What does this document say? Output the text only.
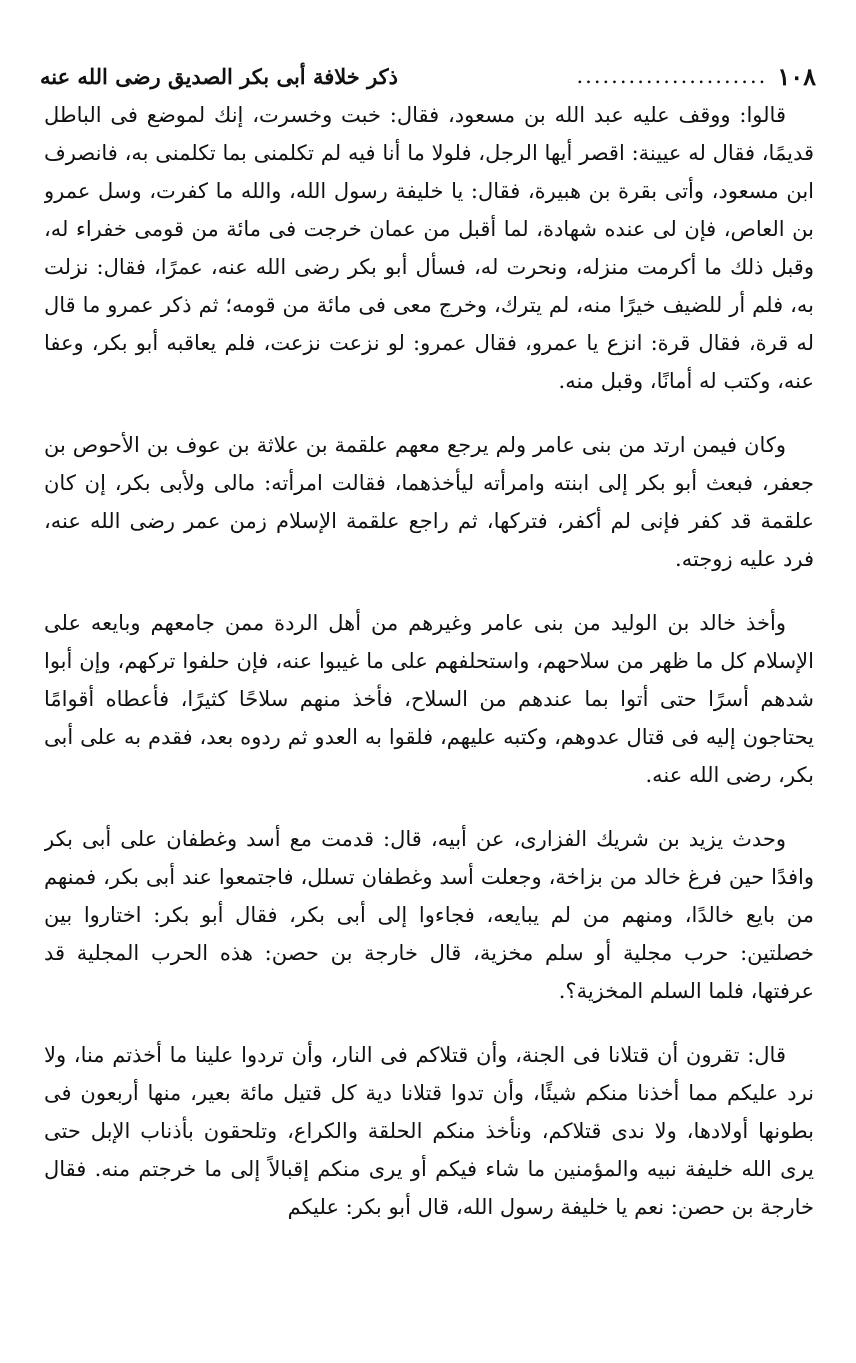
١٠٨
......................
ذكر خلافة أبى بكر الصديق رضى الله عنه

قالوا: ووقف عليه عبد الله بن مسعود، فقال: خبت وخسرت، إنك لموضع فى الباطل قديمًا، فقال له عيينة: اقصر أيها الرجل، فلولا ما أنا فيه لم تكلمنى بما تكلمنى به، فانصرف ابن مسعود، وأتى بقرة بن هبيرة، فقال: يا خليفة رسول الله، والله ما كفرت، وسل عمرو بن العاص، فإن لى عنده شهادة، لما أقبل من عمان خرجت فى مائة من قومى خفراء له، وقبل ذلك ما أكرمت منزله، ونحرت له، فسأل أبو بكر رضى الله عنه، عمرًا، فقال: نزلت به، فلم أر للضيف خيرًا منه، لم يترك، وخرج معى فى مائة من قومه؛ ثم ذكر عمرو ما قال له قرة، فقال قرة: انزع يا عمرو، فقال عمرو: لو نزعت نزعت، فلم يعاقبه أبو بكر، وعفا عنه، وكتب له أمانًا، وقبل منه.

وكان فيمن ارتد من بنى عامر ولم يرجع معهم علقمة بن علاثة بن عوف بن الأحوص بن جعفر، فبعث أبو بكر إلى ابنته وامرأته ليأخذهما، فقالت امرأته: مالى ولأبى بكر، إن كان علقمة قد كفر فإنى لم أكفر، فتركها، ثم راجع علقمة الإسلام زمن عمر رضى الله عنه، فرد عليه زوجته.

وأخذ خالد بن الوليد من بنى عامر وغيرهم من أهل الردة ممن جامعهم وبايعه على الإسلام كل ما ظهر من سلاحهم، واستحلفهم على ما غيبوا عنه، فإن حلفوا تركهم، وإن أبوا شدهم أسرًا حتى أتوا بما عندهم من السلاح، فأخذ منهم سلاحًا كثيرًا، فأعطاه أقوامًا يحتاجون إليه فى قتال عدوهم، وكتبه عليهم، فلقوا به العدو ثم ردوه بعد، فقدم به على أبى بكر، رضى الله عنه.

وحدث يزيد بن شريك الفزارى، عن أبيه، قال: قدمت مع أسد وغطفان على أبى بكر وافدًا حين فرغ خالد من بزاخة، وجعلت أسد وغطفان تسلل، فاجتمعوا عند أبى بكر، فمنهم من بايع خالدًا، ومنهم من لم يبايعه، فجاءوا إلى أبى بكر، فقال أبو بكر: اختاروا بين خصلتين: حرب مجلية أو سلم مخزية، قال خارجة بن حصن: هذه الحرب المجلية قد عرفتها، فلما السلم المخزية؟.

قال: تقرون أن قتلانا فى الجنة، وأن قتلاكم فى النار، وأن تردوا علينا ما أخذتم منا، ولا نرد عليكم مما أخذنا منكم شيئًا، وأن تدوا قتلانا دية كل قتيل مائة بعير، منها أربعون فى بطونها أولادها، ولا ندى قتلاكم، ونأخذ منكم الحلقة والكراع، وتلحقون بأذناب الإبل حتى يرى الله خليفة نبيه والمؤمنين ما شاء فيكم أو يرى منكم إقبالاً إلى ما خرجتم منه. فقال خارجة بن حصن: نعم يا خليفة رسول الله، قال أبو بكر: عليكم
